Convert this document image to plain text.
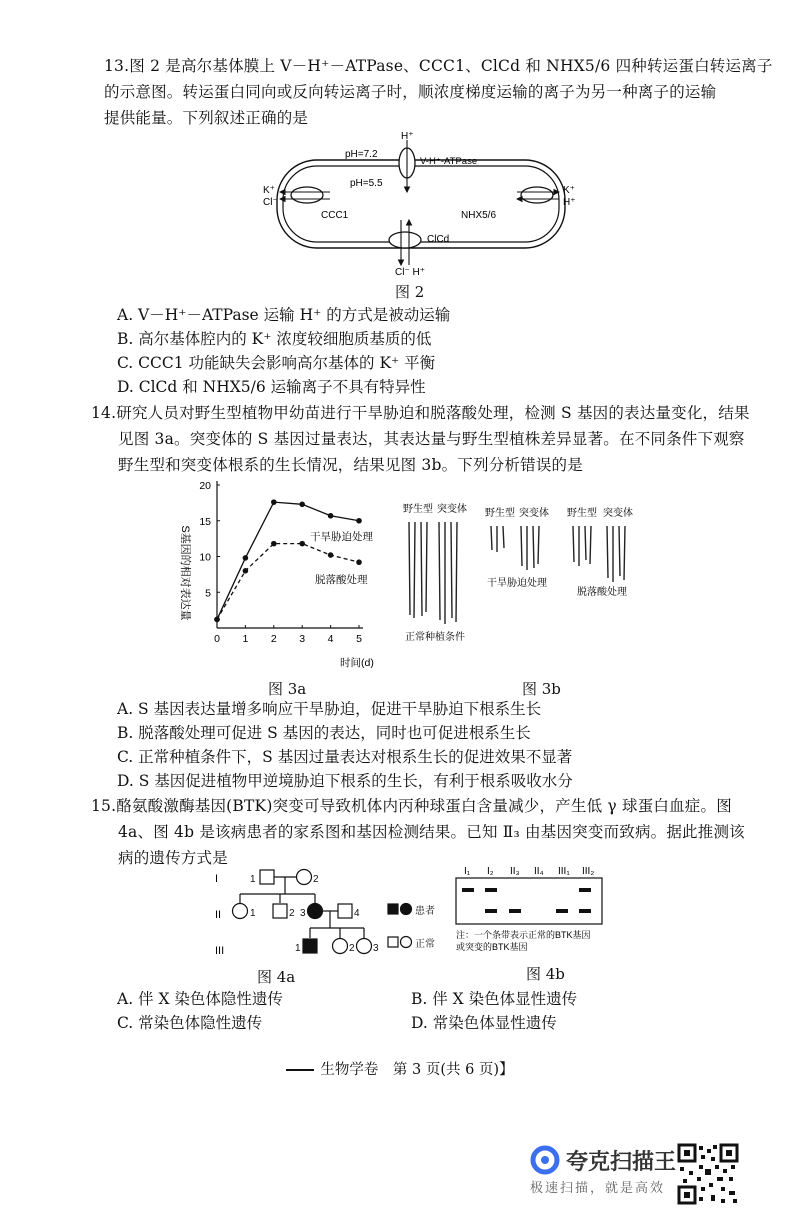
13.图 2 是高尔基体膜上 V－H⁺－ATPase、CCC1、ClCd 和 NHX5/6 四种转运蛋白转运离子
的示意图。转运蛋白同向或反向转运离子时，顺浓度梯度运输的离子为另一种离子的运输
提供能量。下列叙述正确的是
pH=7.2
pH=5.5
H⁺
V-H⁺-ATPase
K⁺
Cl⁻
CCC1
K⁺
H⁺
NHX5/6
ClCd
Cl⁻ H⁺
图 2
A. V－H⁺－ATPase 运输 H⁺ 的方式是被动运输
B. 高尔基体腔内的 K⁺ 浓度较细胞质基质的低
C. CCC1 功能缺失会影响高尔基体的 K⁺ 平衡
D. ClCd 和 NHX5/6 运输离子不具有特异性
14.研究人员对野生型植物甲幼苗进行干旱胁迫和脱落酸处理，检测 S 基因的表达量变化，结果
见图 3a。突变体的 S 基因过量表达，其表达量与野生型植株差异显著。在不同条件下观察
野生型和突变体根系的生长情况，结果见图 3b。下列分析错误的是
0 1 2 3 4 5
5
10
15
20
时间(d)
S基因的相对表达量	干旱胁迫处理
脱落酸处理
野生型 突变体
正常种植条件
野生型 突变体
干旱胁迫处理
野生型 突变体
脱落酸处理
图 3a	图 3b
A. S 基因表达量增多响应干旱胁迫，促进干旱胁迫下根系生长
B. 脱落酸处理可促进 S 基因的表达，同时也可促进根系生长
C. 正常种植条件下，S 基因过量表达对根系生长的促进效果不显著
D. S 基因促进植物甲逆境胁迫下根系的生长，有利于根系吸收水分
15.酪氨酸激酶基因(BTK)突变可导致机体内丙种球蛋白含量减少，产生低 γ 球蛋白血症。图
4a、图 4b 是该病患者的家系图和基因检测结果。已知 Ⅱ₃ 由基因突变而致病。据此推测该
病的遗传方式是
I
II
III
1	2
1	2 3	4
1	2 3
患者
正常
图 4a
I₁ I₂ II₃ II₄ III₁ III₂
注：一个条带表示正常的BTK基因
或突变的BTK基因
图 4b
A. 伴 X 染色体隐性遗传
C. 常染色体隐性遗传
B. 伴 X 染色体显性遗传
D. 常染色体显性遗传
生物学卷　第 3 页(共 6 页)】
夸克扫描王
极速扫描，就是高效
